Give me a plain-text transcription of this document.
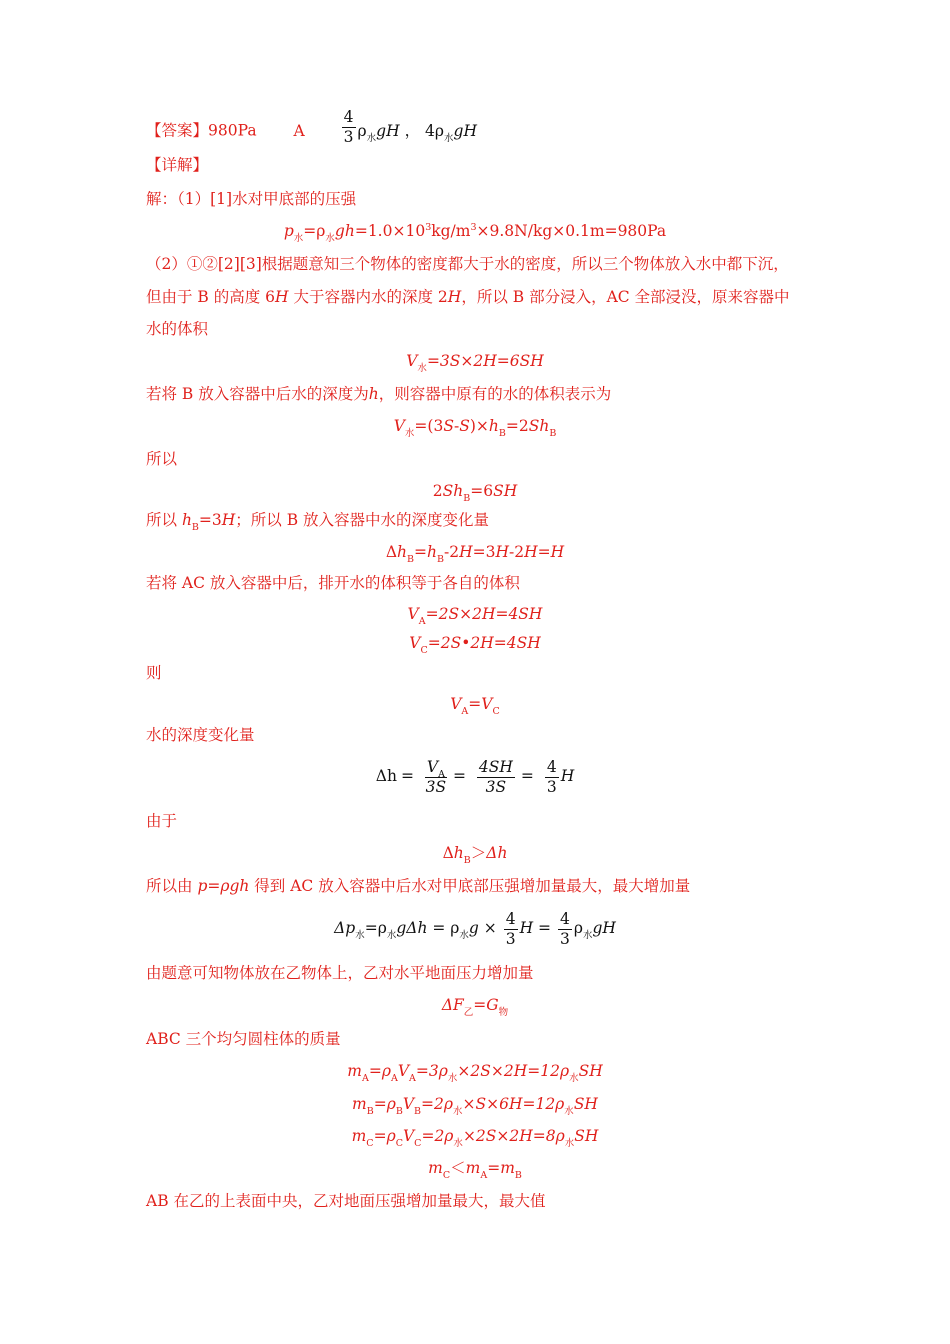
【答案】980Pa A $\frac{4}{3} \rho_水gH$ ， $4\rho_水gH$
【详解】
解：（1）[1]水对甲底部的压强
$p_水=\rho_水gh=1.0\times 10^3kg/m^3\times 9.8N/kg\times 0.1m=980Pa$
（2）①②[2][3]根据题意知三个物体的密度都大于水的密度，所以三个物体放入水中都下沉，
但由于 B 的高度 6H 大于容器内水的深度 2H，所以 B 部分浸入，AC 全部浸没，原来容器中
水的体积
$V_水=3S\times 2H=6SH$
若将 B 放入容器中后水的深度为h，则容器中原有的水的体积表示为
$V_水=(3S-S)\times h_B=2Sh_B$
所以
$2Sh_B=6SH$
所以 $h_B=3H$；所以 B 放入容器中水的深度变化量
$\Delta h_B=h_B-2H=3H-2H=H$
若将 AC 放入容器中后，排开水的体积等于各自的体积
$V_A=2S\times 2H=4SH$
$V_C=2S•2H=4SH$
则
$V_A=V_C$
水的深度变化量
$\Delta h = \frac{V_A}{3S} = \frac{4SH}{3S} = \frac{4}{3}$ H
由于
$\Delta h_B>\Delta h$
所以由 p=ρgh 得到 AC 放入容器中后水对甲底部压强增加量最大，最大增加量
$\Delta p_水=\rho_水g\Delta h = \rho_水g \times \frac{4}{3}$ $H = \frac{4}{3} \rho_水gH$
由题意可知物体放在乙物体上，乙对水平地面压力增加量
$\Delta F_乙=G_物$
ABC 三个均匀圆柱体的质量
$m_A=\rho_AV_A=3\rho_水\times 2S\times 2H=12\rho_水SH$
$m_B=\rho_BV_B=2\rho_水\times S\times 6H=12\rho_水SH$
$m_C=\rho_CV_C=2\rho_水\times 2S\times 2H=8\rho_水SH$
$m_C<m_A=m_B$
AB 在乙的上表面中央，乙对地面压强增加量最大，最大值
